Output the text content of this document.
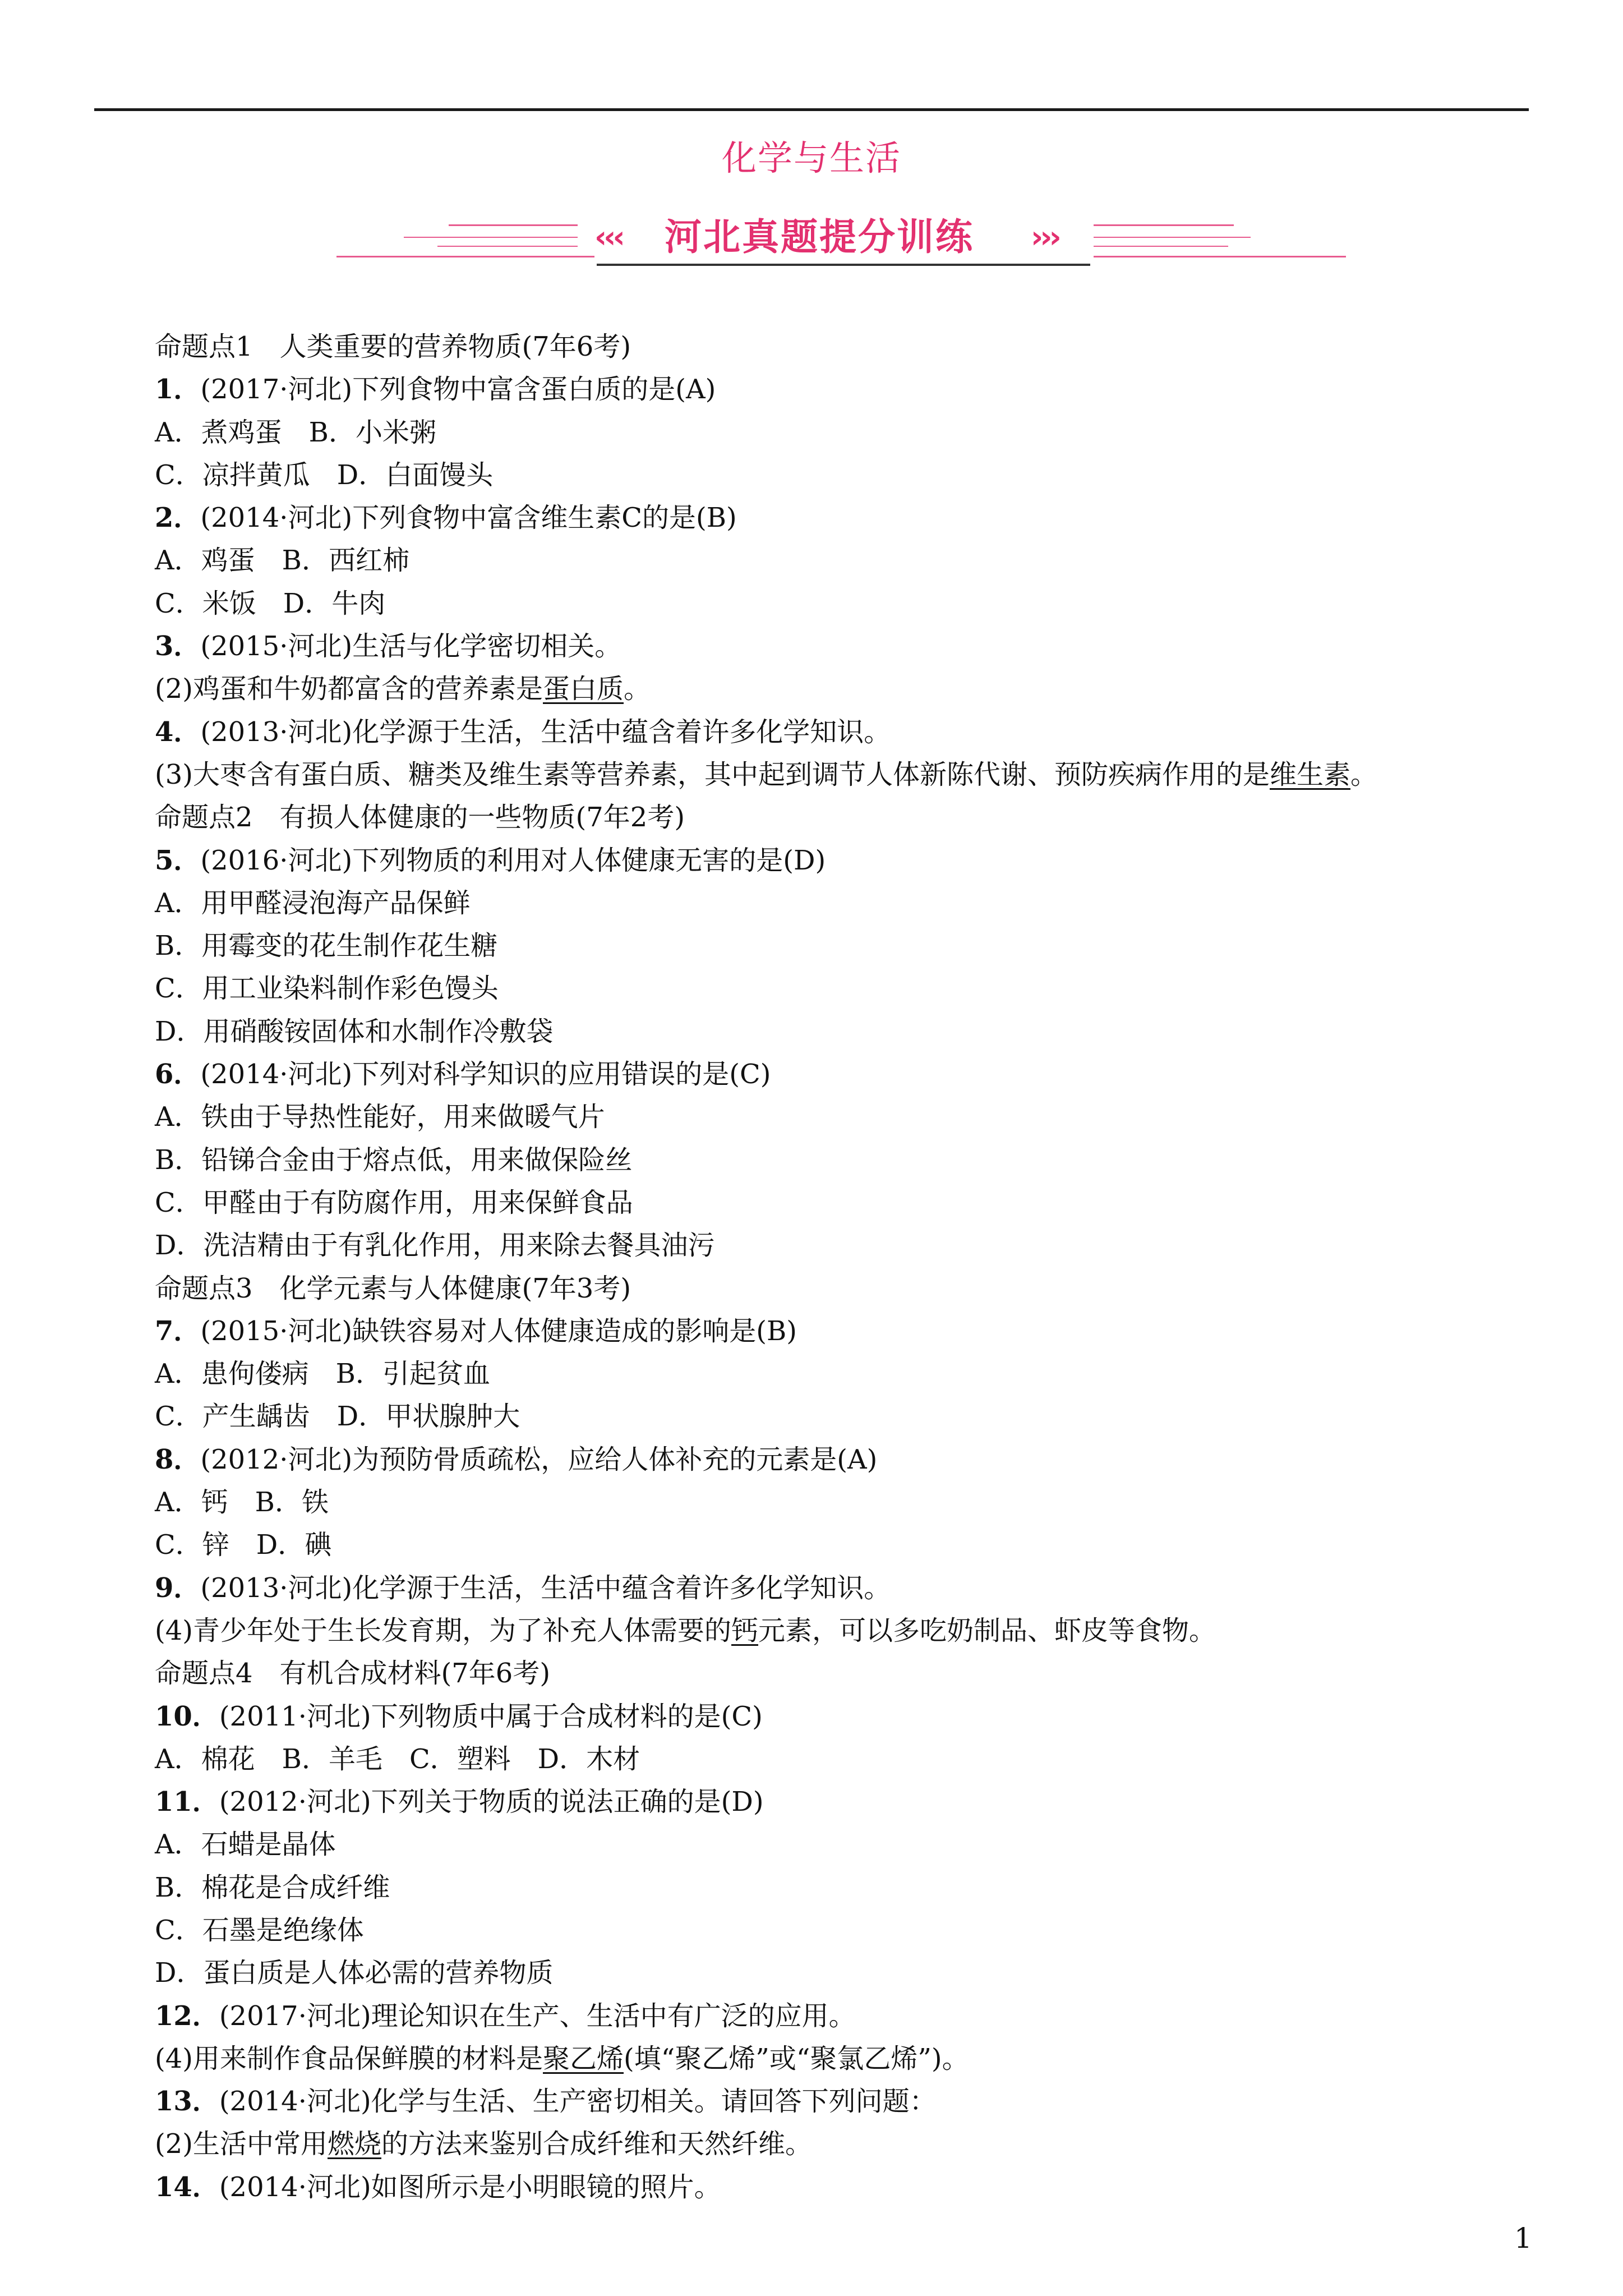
化学与生活
‹‹‹	河北真题提分训练	›››
命题点1　人类重要的营养物质(7年6考)
1．(2017·河北)下列食物中富含蛋白质的是(A)
A．煮鸡蛋　B．小米粥
C．凉拌黄瓜　D．白面馒头
2．(2014·河北)下列食物中富含维生素C的是(B)
A．鸡蛋　B．西红柿
C．米饭　D．牛肉
3．(2015·河北)生活与化学密切相关。
(2)鸡蛋和牛奶都富含的营养素是蛋白质。
4．(2013·河北)化学源于生活，生活中蕴含着许多化学知识。
(3)大枣含有蛋白质、糖类及维生素等营养素，其中起到调节人体新陈代谢、预防疾病作用的是维生素。
命题点2　有损人体健康的一些物质(7年2考)
5．(2016·河北)下列物质的利用对人体健康无害的是(D)
A．用甲醛浸泡海产品保鲜
B．用霉变的花生制作花生糖
C．用工业染料制作彩色馒头
D．用硝酸铵固体和水制作冷敷袋
6．(2014·河北)下列对科学知识的应用错误的是(C)
A．铁由于导热性能好，用来做暖气片
B．铅锑合金由于熔点低，用来做保险丝
C．甲醛由于有防腐作用，用来保鲜食品
D．洗洁精由于有乳化作用，用来除去餐具油污
命题点3　化学元素与人体健康(7年3考)
7．(2015·河北)缺铁容易对人体健康造成的影响是(B)
A．患佝偻病　B．引起贫血
C．产生龋齿　D．甲状腺肿大
8．(2012·河北)为预防骨质疏松，应给人体补充的元素是(A)
A．钙　B．铁
C．锌　D．碘
9．(2013·河北)化学源于生活，生活中蕴含着许多化学知识。
(4)青少年处于生长发育期，为了补充人体需要的钙元素，可以多吃奶制品、虾皮等食物。
命题点4　有机合成材料(7年6考)
10．(2011·河北)下列物质中属于合成材料的是(C)
A．棉花　B．羊毛　C．塑料　D．木材
11．(2012·河北)下列关于物质的说法正确的是(D)
A．石蜡是晶体
B．棉花是合成纤维
C．石墨是绝缘体
D．蛋白质是人体必需的营养物质
12．(2017·河北)理论知识在生产、生活中有广泛的应用。
(4)用来制作食品保鲜膜的材料是聚乙烯(填“聚乙烯”或“聚氯乙烯”)。
13．(2014·河北)化学与生活、生产密切相关。请回答下列问题：
(2)生活中常用燃烧的方法来鉴别合成纤维和天然纤维。
14．(2014·河北)如图所示是小明眼镜的照片。
1
